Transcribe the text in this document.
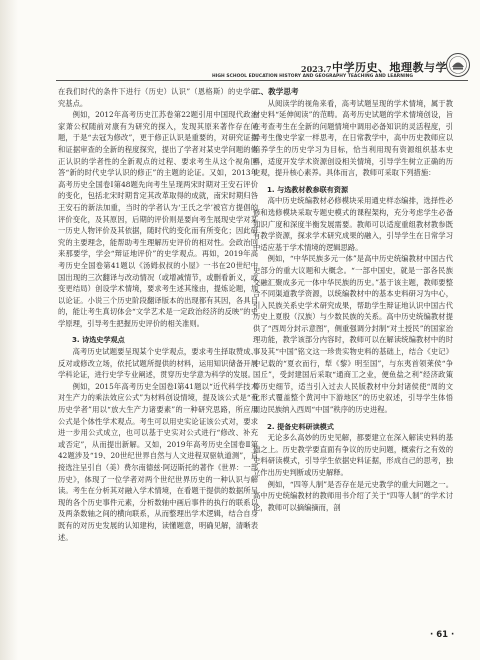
2023.7 中学历史、地理教与学
HIGH SCHOOL EDUCATION HISTORY AND GEOGRAPHY TEACHING AND LEARNING

在我们时代的条件下进行（历史）认识”（恩格斯）的史学研究基点。

例如，2012年高考历史江苏卷第22题引用中国现代政治家萧公权随前对康有为研究的探入，发现其原来著作存在问题，于是“去冠为修改”，更于修正认识是重要的，对研究证据和证据审查的全新的程度探究，提出了学者对某史学问题的修正认识的学者性的全新观点的过程、要求考生从这个视角回答“新的时代史学认识的修正”的主题的论证。又如，2013年高考历史全国卷Ⅰ第48题先向考生呈现两宋时期对王安石评价的变化，包括北宋时期肯定其改革取得的成就，南宋时期归咎王安石的新法加重，当时的学者认为‘王氏之学’被官方提倡的评价变化，及其原因，后期的评价则是要向考生展现史学对某一历史人物评价及其依据，随时代的变化而有所变化；因此研究的主要理念，能帮助考生理解历史评价的相对性。会政治回来那要学，学会“辩证地评价”的史学观点。再如，2019年高考历史全国卷第41题以《汤姆叔叔的小屋》一书在20世纪中国出现的三次翻译与改动情况（或增减情节，或删看新义，或变更结局）创设学术情境，要求考生述其缘由，提炼论题，加以论证。小说三个历史阶段翻译版本的出现都有其因，各具目的，能让考生真切体会“文学艺术是一定政治经济的反映”的史学原理，引导考生把握历史评价的相关准则。

3. 诗选史学观点

高考历史试题要呈现某个史学观点，要求考生择取赞成、反对或修改立场，依托试题所提供的材料，运用知识储备开展学科论证，进行史学专业阐述，贯穿历史学意为科学的发展。

例如，2015年高考历史全国卷Ⅰ第41题以“近代科学技术对生产力的乘法效应公式”为材料创设情境，提及该公式是“有历史学者”用以“放大生产力诸要素”的一种研究思路，所应用公式是个体性学术观点。考生可以用史实论证该公式对，要求进一步用公式成立，也可以基于史实对公式进行“修改、补充或否定”，从而提出新解。又如，2019年高考历史全国卷Ⅱ第42题涉及“19、20世纪世界自然与人文进程双驱轨道测”，直接选注呈引自（美）费尔南德兹·阿迈斯托的著作《世界：一部历史》，体现了一位学者对两个世纪世界历史的一种认识与解读。考生在分析其对融入学术情境，在看题干提供的数据所呈现的各个历史事件元素，分析数轴中画后事件的执行的联系以及两条数轴之间的横向联系，从而整理出学术逻辑，结合自身既有的对历史发展的认知建构，读懂题意，明确见解，清晰表述。

二、教学思考

从阅读学的视角来看，高考试题呈现的学术情境，属于教材史料“延伸阅读”的范畴。高考历史试题的学术情境创设，旨在考查考生在全新的问题情境中调用必备知识的灵活程度，引导考生像史学家一样思考，在日常教学中，高中历史教师应以培养学生的历史学习为目标，恰当利用现有资源组织基本史料，适度开发学术资源创设相关情境，引导学生树立正确的历史观，提升核心素养。具体而言，教师可采取下列措施：

1. 与选教材教参联有资源

高中历史统编教材必修模块采用通史样态编排，选择性必修和选修模块采取专题史模式的课程架构，充分考虑学生必备知识广度和深度半衡发展需要。教师可以适度重组教材教参既有教学资源，探求学术研究成果的融入，引导学生在日常学习中适应基于学术情境的逻辑思路。

例如，“中华民族多元一体”是高中历史统编教材中国古代史部分的重大议题和大概念。“一部中国史，就是一部各民族交融汇聚成多元一体中华民族的历史。”基于该主题，教师要整合不同渠道教学资源，以统编教材中的基本史料研习为中心，引入民族关系史学术研究成果，帮助学生辩证地认识中国古代历史上夏殷（汉族）与少数民族的关系。高中历史统编教材提供了“西周分封示意图”，侧重强调分封制“对土授民”的国家治理功能，教学该部分内容时，教师可以在解读统编教材中的时事及其“中国”铭文这一珍贵实物史料的基础上，结合《史记》中记载的“夏衣而行，犁《黎》明至国”，与东夷首领莱侯“争国丘”，受封建国后采取“通商工之业，便鱼盐之利”经济政策等历史细节，适当引入过去人民版教材中分封诸侯使“周的文化形式覆盖整个黄河中下游地区”的历史叙述，引导学生体悟周边民族纳入西周“中国”秩序的历史进程。

2. 提备史料研读模式

无论多么高妙的历史见解，都要建立在深入解读史料的基础之上。历史教学要直面有争议的历史问题，概索行之有效的史料研读模式，引导学生依据史料证据，形成自己的思考，独立作出历史判断或历史解释。

例如，“四等人制”是否存在是元史教学的重大问题之一。高中历史统编教材的教师用书介绍了关于“四等人制”的学术讨论，教师可以摘编摘而，剖

· 61 ·
